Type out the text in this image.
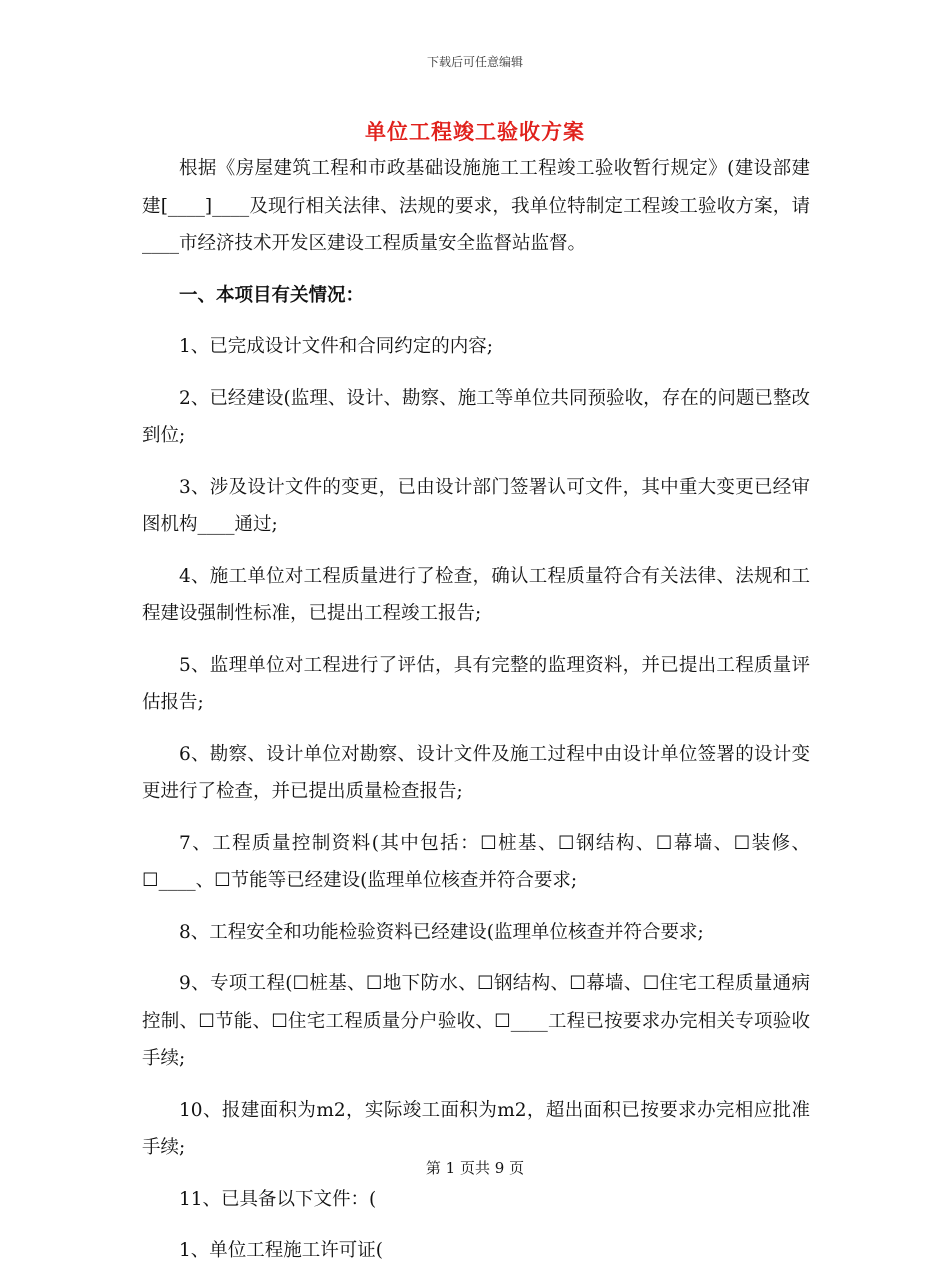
下载后可任意编辑
单位工程竣工验收方案

根据《房屋建筑工程和市政基础设施施工工程竣工验收暂行规定》(建设部建建[____]____及现行相关法律、法规的要求，我单位特制定工程竣工验收方案，请____市经济技术开发区建设工程质量安全监督站监督。

一、本项目有关情况：

1、已完成设计文件和合同约定的内容;

2、已经建设(监理、设计、勘察、施工等单位共同预验收，存在的问题已整改到位;

3、涉及设计文件的变更，已由设计部门签署认可文件，其中重大变更已经审图机构____通过;

4、施工单位对工程质量进行了检查，确认工程质量符合有关法律、法规和工程建设强制性标准，已提出工程竣工报告;

5、监理单位对工程进行了评估，具有完整的监理资料，并已提出工程质量评估报告;

6、勘察、设计单位对勘察、设计文件及施工过程中由设计单位签署的设计变更进行了检查，并已提出质量检查报告;

7、工程质量控制资料(其中包括：☐桩基、☐钢结构、☐幕墙、☐装修、☐____、☐节能等已经建设(监理单位核查并符合要求;

8、工程安全和功能检验资料已经建设(监理单位核查并符合要求;

9、专项工程(☐桩基、☐地下防水、☐钢结构、☐幕墙、☐住宅工程质量通病控制、☐节能、☐住宅工程质量分户验收、☐____工程已按要求办完相关专项验收手续;

10、报建面积为m2，实际竣工面积为m2，超出面积已按要求办完相应批准手续;

11、已具备以下文件：(

1、单位工程施工许可证(

第 1 页共 9 页
